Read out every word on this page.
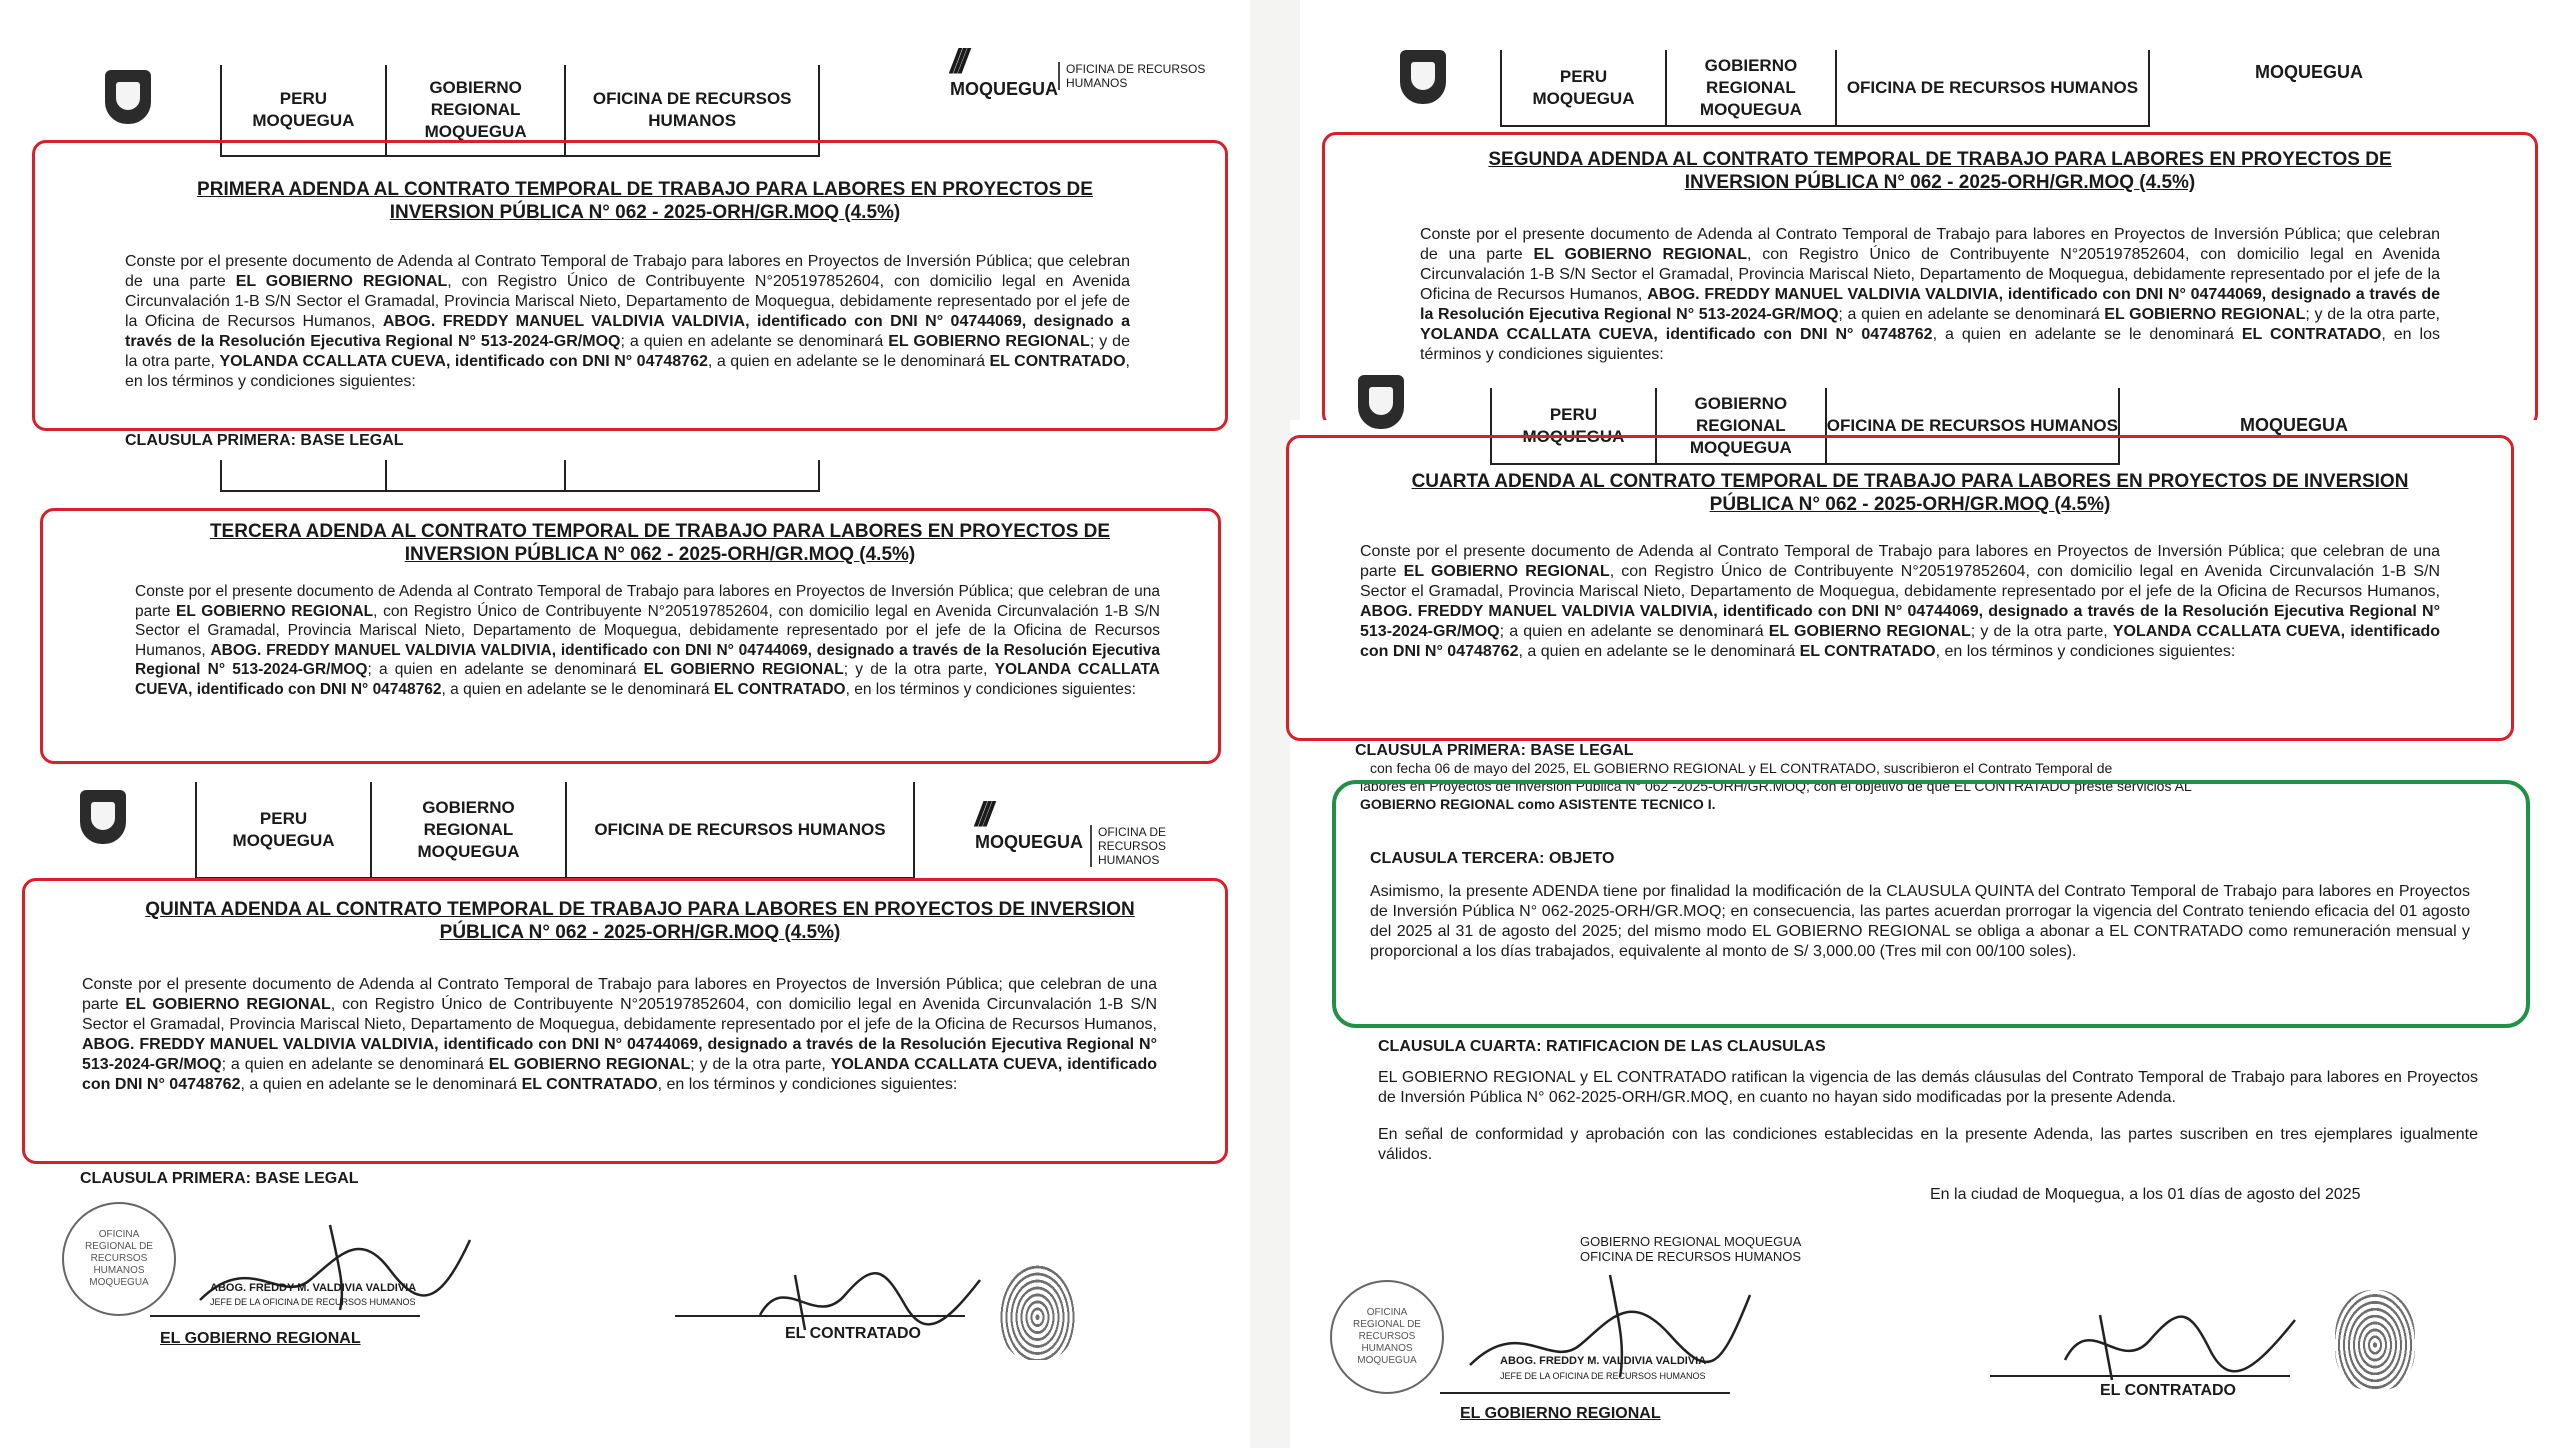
PERU
MOQUEGUA
GOBIERNO
REGIONAL
MOQUEGUA
OFICINA DE RECURSOS HUMANOS
///
MOQUEGUA
OFICINA DE RECURSOS HUMANOS
PRIMERA ADENDA AL CONTRATO TEMPORAL DE TRABAJO PARA LABORES EN PROYECTOS DE INVERSION PÚBLICA N° 062 - 2025-ORH/GR.MOQ (4.5%)
Conste por el presente documento de Adenda al Contrato Temporal de Trabajo para labores en Proyectos de Inversión Pública; que celebran de una parte EL GOBIERNO REGIONAL, con Registro Único de Contribuyente N°205197852604, con domicilio legal en Avenida Circunvalación 1-B S/N Sector el Gramadal, Provincia Mariscal Nieto, Departamento de Moquegua, debidamente representado por el jefe de la Oficina de Recursos Humanos, ABOG. FREDDY MANUEL VALDIVIA VALDIVIA, identificado con DNI N° 04744069, designado a través de la Resolución Ejecutiva Regional N° 513-2024-GR/MOQ; a quien en adelante se denominará EL GOBIERNO REGIONAL; y de la otra parte, YOLANDA CCALLATA CUEVA, identificado con DNI N° 04748762, a quien en adelante se le denominará EL CONTRATADO, en los términos y condiciones siguientes:
CLAUSULA PRIMERA: BASE LEGAL
TERCERA ADENDA AL CONTRATO TEMPORAL DE TRABAJO PARA LABORES EN PROYECTOS DE INVERSION PÚBLICA N° 062 - 2025-ORH/GR.MOQ (4.5%)
Conste por el presente documento de Adenda al Contrato Temporal de Trabajo para labores en Proyectos de Inversión Pública; que celebran de una parte EL GOBIERNO REGIONAL, con Registro Único de Contribuyente N°205197852604, con domicilio legal en Avenida Circunvalación 1-B S/N Sector el Gramadal, Provincia Mariscal Nieto, Departamento de Moquegua, debidamente representado por el jefe de la Oficina de Recursos Humanos, ABOG. FREDDY MANUEL VALDIVIA VALDIVIA, identificado con DNI N° 04744069, designado a través de la Resolución Ejecutiva Regional N° 513-2024-GR/MOQ; a quien en adelante se denominará EL GOBIERNO REGIONAL; y de la otra parte, YOLANDA CCALLATA CUEVA, identificado con DNI N° 04748762, a quien en adelante se le denominará EL CONTRATADO, en los términos y condiciones siguientes:
PERU
MOQUEGUA
GOBIERNO
REGIONAL
MOQUEGUA
OFICINA DE RECURSOS HUMANOS	///
MOQUEGUA	OFICINA DE RECURSOS HUMANOS
QUINTA ADENDA AL CONTRATO TEMPORAL DE TRABAJO PARA LABORES EN PROYECTOS DE INVERSION PÚBLICA N° 062 - 2025-ORH/GR.MOQ (4.5%)
Conste por el presente documento de Adenda al Contrato Temporal de Trabajo para labores en Proyectos de Inversión Pública; que celebran de una parte EL GOBIERNO REGIONAL, con Registro Único de Contribuyente N°205197852604, con domicilio legal en Avenida Circunvalación 1-B S/N Sector el Gramadal, Provincia Mariscal Nieto, Departamento de Moquegua, debidamente representado por el jefe de la Oficina de Recursos Humanos, ABOG. FREDDY MANUEL VALDIVIA VALDIVIA, identificado con DNI N° 04744069, designado a través de la Resolución Ejecutiva Regional N° 513-2024-GR/MOQ; a quien en adelante se denominará EL GOBIERNO REGIONAL; y de la otra parte, YOLANDA CCALLATA CUEVA, identificado con DNI N° 04748762, a quien en adelante se le denominará EL CONTRATADO, en los términos y condiciones siguientes:
CLAUSULA PRIMERA: BASE LEGAL
OFICINA REGIONAL DE RECURSOS HUMANOS MOQUEGUA	ABOG. FREDDY M. VALDIVIA VALDIVIA
JEFE DE LA OFICINA DE RECURSOS HUMANOS
EL GOBIERNO REGIONAL	EL CONTRATADO
PERU
MOQUEGUA
GOBIERNO
REGIONAL
MOQUEGUA
OFICINA DE RECURSOS HUMANOS
MOQUEGUA
SEGUNDA ADENDA AL CONTRATO TEMPORAL DE TRABAJO PARA LABORES EN PROYECTOS DE INVERSION PÚBLICA N° 062 - 2025-ORH/GR.MOQ (4.5%)
Conste por el presente documento de Adenda al Contrato Temporal de Trabajo para labores en Proyectos de Inversión Pública; que celebran de una parte EL GOBIERNO REGIONAL, con Registro Único de Contribuyente N°205197852604, con domicilio legal en Avenida Circunvalación 1-B S/N Sector el Gramadal, Provincia Mariscal Nieto, Departamento de Moquegua, debidamente representado por el jefe de la Oficina de Recursos Humanos, ABOG. FREDDY MANUEL VALDIVIA VALDIVIA, identificado con DNI N° 04744069, designado a través de la Resolución Ejecutiva Regional N° 513-2024-GR/MOQ; a quien en adelante se denominará EL GOBIERNO REGIONAL; y de la otra parte, YOLANDA CCALLATA CUEVA, identificado con DNI N° 04748762, a quien en adelante se le denominará EL CONTRATADO, en los términos y condiciones siguientes:
PERU
MOQUEGUA
GOBIERNO
REGIONAL
MOQUEGUA
OFICINA DE RECURSOS HUMANOS	MOQUEGUA
CUARTA ADENDA AL CONTRATO TEMPORAL DE TRABAJO PARA LABORES EN PROYECTOS DE INVERSION PÚBLICA N° 062 - 2025-ORH/GR.MOQ (4.5%)
Conste por el presente documento de Adenda al Contrato Temporal de Trabajo para labores en Proyectos de Inversión Pública; que celebran de una parte EL GOBIERNO REGIONAL, con Registro Único de Contribuyente N°205197852604, con domicilio legal en Avenida Circunvalación 1-B S/N Sector el Gramadal, Provincia Mariscal Nieto, Departamento de Moquegua, debidamente representado por el jefe de la Oficina de Recursos Humanos, ABOG. FREDDY MANUEL VALDIVIA VALDIVIA, identificado con DNI N° 04744069, designado a través de la Resolución Ejecutiva Regional N° 513-2024-GR/MOQ; a quien en adelante se denominará EL GOBIERNO REGIONAL; y de la otra parte, YOLANDA CCALLATA CUEVA, identificado con DNI N° 04748762, a quien en adelante se le denominará EL CONTRATADO, en los términos y condiciones siguientes:
CLAUSULA PRIMERA: BASE LEGAL
con fecha 06 de mayo del 2025, EL GOBIERNO REGIONAL y EL CONTRATADO, suscribieron el Contrato Temporal de
labores en Proyectos de Inversión Pública N° 062 -2025-ORH/GR.MOQ; con el objetivo de que EL CONTRATADO preste servicios AL
GOBIERNO REGIONAL como ASISTENTE TECNICO I.
CLAUSULA TERCERA: OBJETO
Asimismo, la presente ADENDA tiene por finalidad la modificación de la CLAUSULA QUINTA del Contrato Temporal de Trabajo para labores en Proyectos de Inversión Pública N° 062-2025-ORH/GR.MOQ; en consecuencia, las partes acuerdan prorrogar la vigencia del Contrato teniendo eficacia del 01 agosto del 2025 al 31 de agosto del 2025; del mismo modo EL GOBIERNO REGIONAL se obliga a abonar a EL CONTRATADO como remuneración mensual y proporcional a los días trabajados, equivalente al monto de S/ 3,000.00 (Tres mil con 00/100 soles).
CLAUSULA CUARTA: RATIFICACION DE LAS CLAUSULAS
EL GOBIERNO REGIONAL y EL CONTRATADO ratifican la vigencia de las demás cláusulas del Contrato Temporal de Trabajo para labores en Proyectos de Inversión Pública N° 062-2025-ORH/GR.MOQ, en cuanto no hayan sido modificadas por la presente Adenda.
En señal de conformidad y aprobación con las condiciones establecidas en la presente Adenda, las partes suscriben en tres ejemplares igualmente válidos.
En la ciudad de Moquegua, a los 01 días de agosto del 2025
GOBIERNO REGIONAL MOQUEGUA
OFICINA DE RECURSOS HUMANOS
OFICINA REGIONAL DE RECURSOS HUMANOS MOQUEGUA	ABOG. FREDDY M. VALDIVIA VALDIVIA
JEFE DE LA OFICINA DE RECURSOS HUMANOS
EL GOBIERNO REGIONAL
EL CONTRATADO
